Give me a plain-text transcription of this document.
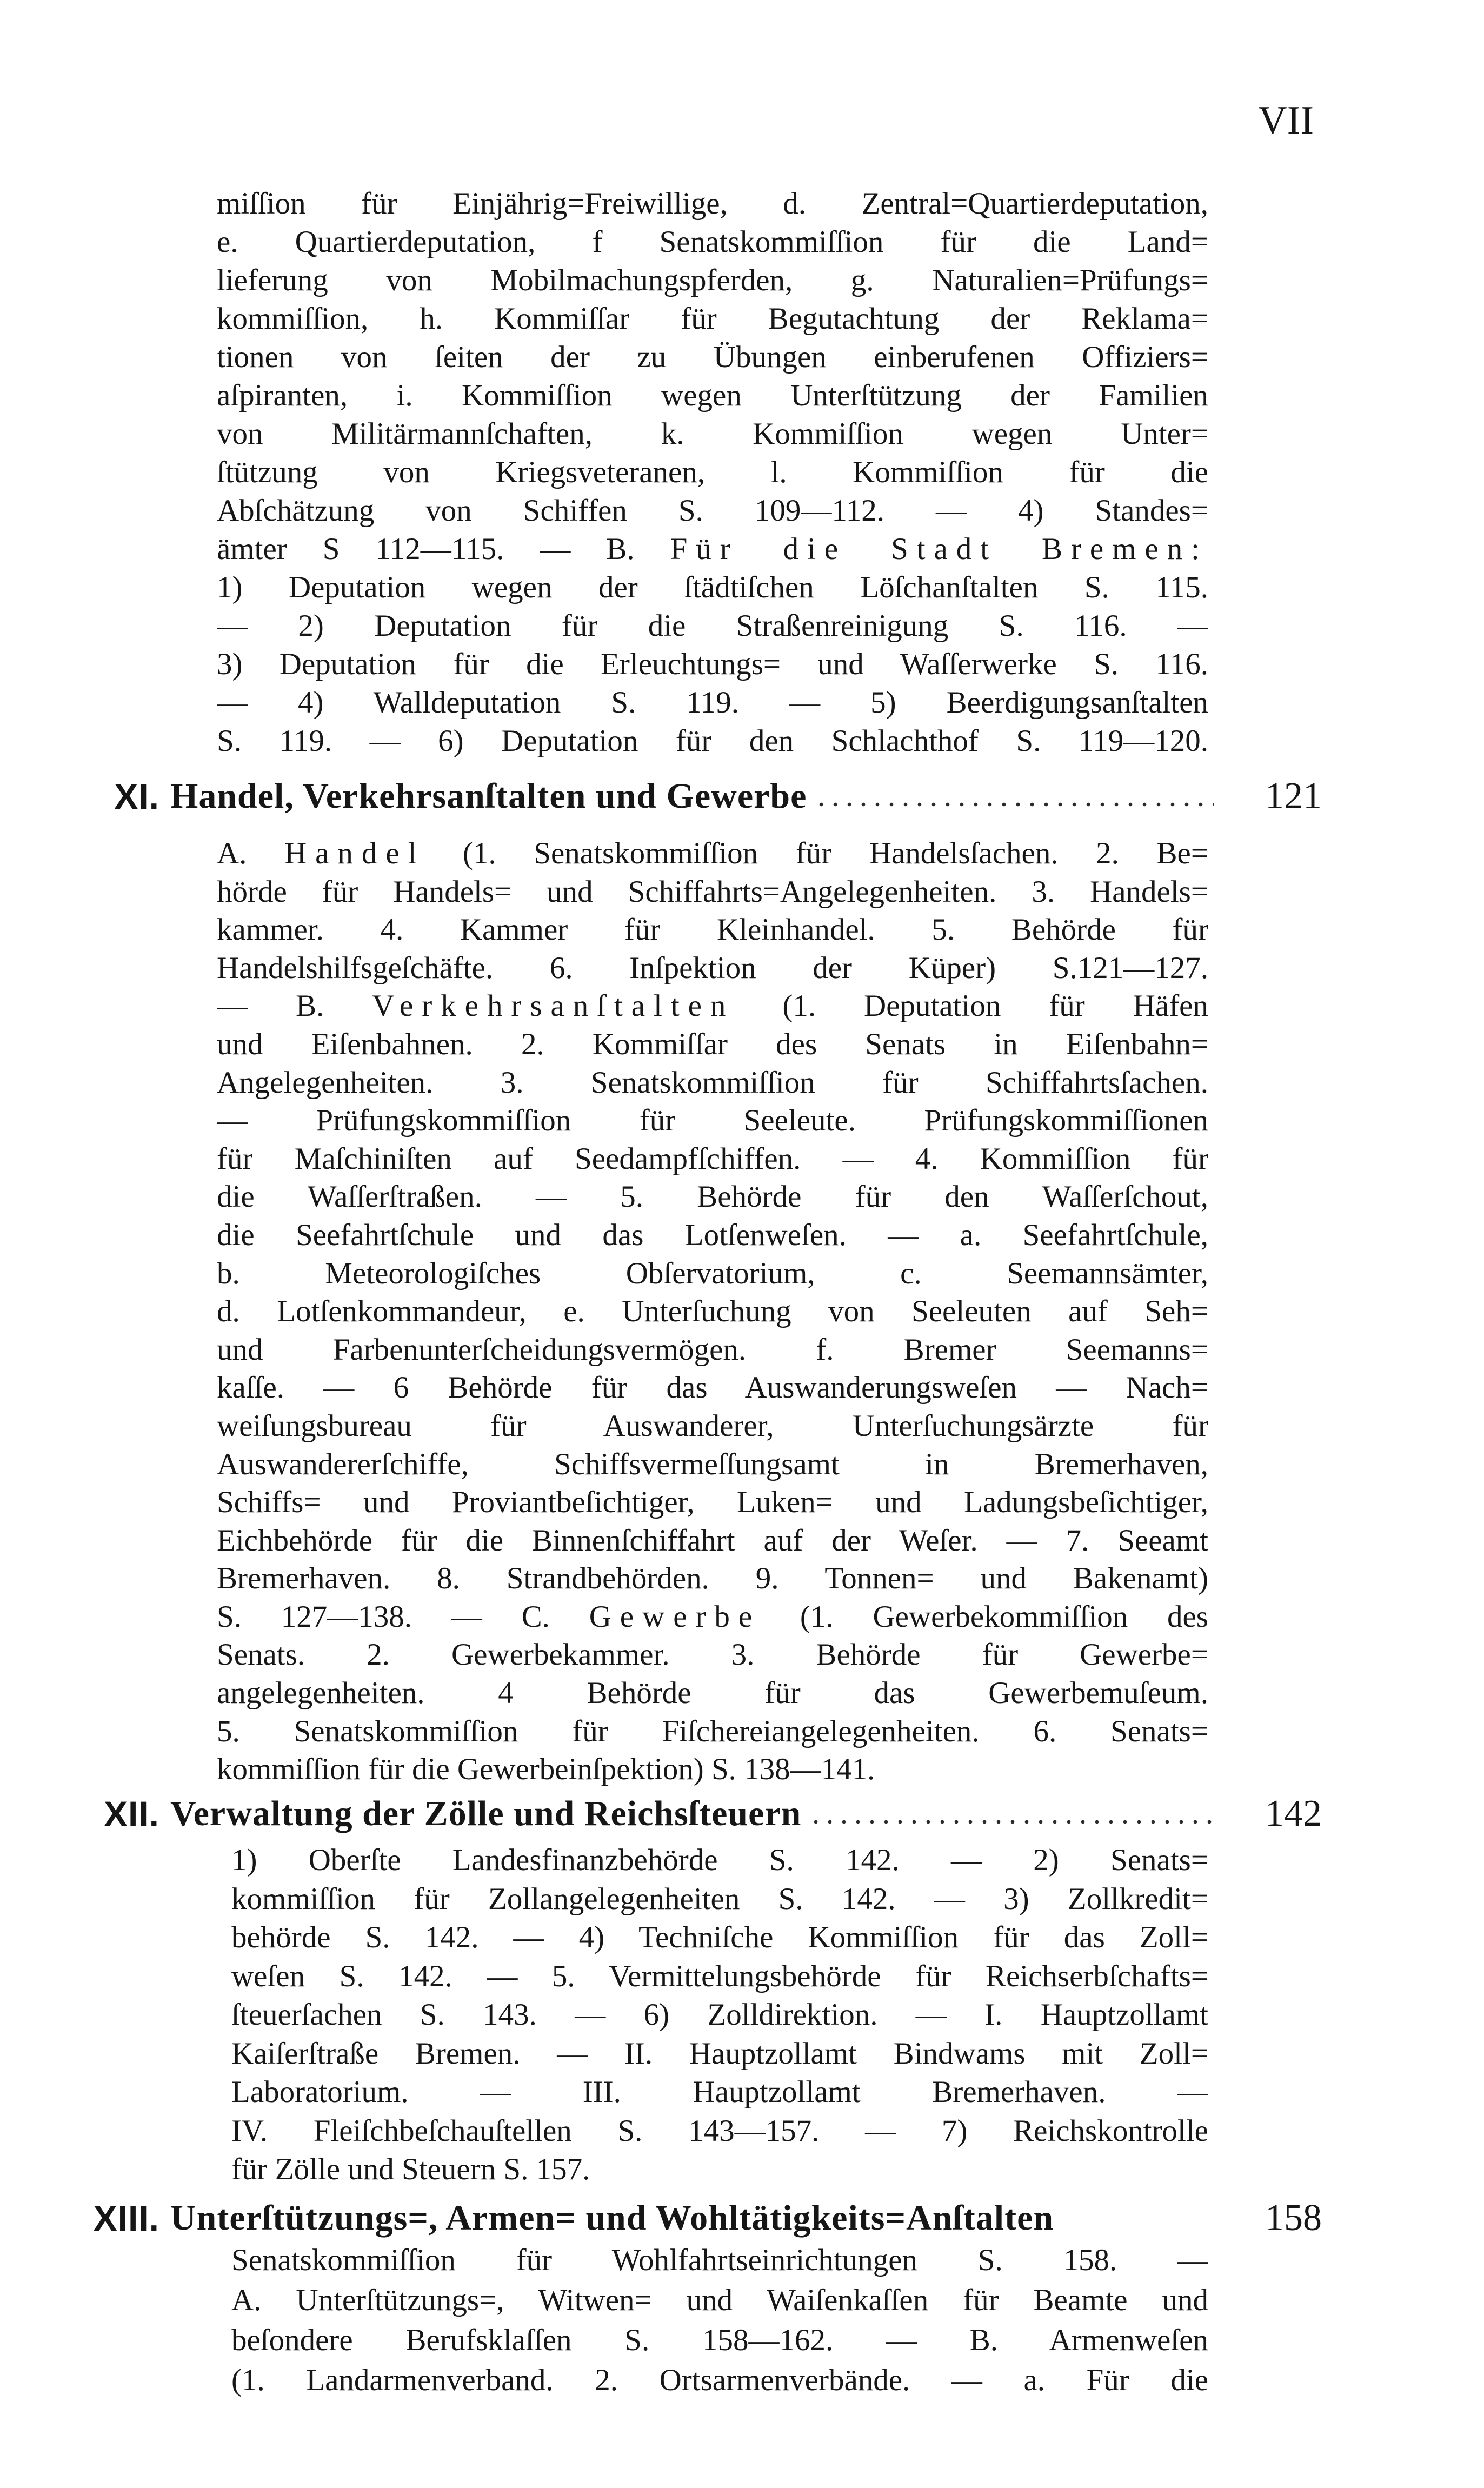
VII
miſſion für Einjährig=Freiwillige, d. Zentral=Quartierdeputation,
e. Quartierdeputation, f Senatskommiſſion für die Land=
lieferung von Mobilmachungspferden, g. Naturalien=Prüfungs=
kommiſſion, h. Kommiſſar für Begutachtung der Reklama=
tionen von ſeiten der zu Übungen einberufenen Offiziers=
aſpiranten, i. Kommiſſion wegen Unterſtützung der Familien
von Militärmannſchaften, k. Kommiſſion wegen Unter=
ſtützung von Kriegsveteranen, l. Kommiſſion für die
Abſchätzung von Schiffen S. 109—112. — 4) Standes=
ämter S 112—115. — B. Für die Stadt Bremen:
1) Deputation wegen der ſtädtiſchen Löſchanſtalten S. 115.
— 2) Deputation für die Straßenreinigung S. 116. —
3) Deputation für die Erleuchtungs= und Waſſerwerke S. 116.
— 4) Walldeputation S. 119. — 5) Beerdigungsanſtalten
S. 119. — 6) Deputation für den Schlachthof S. 119—120.
XI. Handel, Verkehrsanſtalten und Gewerbe	121
A. Handel (1. Senatskommiſſion für Handelsſachen. 2. Be=
hörde für Handels= und Schiffahrts=Angelegenheiten. 3. Handels=
kammer. 4. Kammer für Kleinhandel. 5. Behörde für
Handelshilfsgeſchäfte. 6. Inſpektion der Küper) S.121—127.
— B. Verkehrsanſtalten (1. Deputation für Häfen
und Eiſenbahnen. 2. Kommiſſar des Senats in Eiſenbahn=
Angelegenheiten. 3. Senatskommiſſion für Schiffahrtsſachen.
— Prüfungskommiſſion für Seeleute. Prüfungskommiſſionen
für Maſchiniſten auf Seedampfſchiffen. — 4. Kommiſſion für
die Waſſerſtraßen. — 5. Behörde für den Waſſerſchout,
die Seefahrtſchule und das Lotſenweſen. — a. Seefahrtſchule,
b. Meteorologiſches Obſervatorium, c. Seemannsämter,
d. Lotſenkommandeur, e. Unterſuchung von Seeleuten auf Seh=
und Farbenunterſcheidungsvermögen. f. Bremer Seemanns=
kaſſe. — 6 Behörde für das Auswanderungsweſen — Nach=
weiſungsbureau für Auswanderer, Unterſuchungsärzte für
Auswandererſchiffe, Schiffsvermeſſungsamt in Bremerhaven,
Schiffs= und Proviantbeſichtiger, Luken= und Ladungsbeſichtiger,
Eichbehörde für die Binnenſchiffahrt auf der Weſer. — 7. Seeamt
Bremerhaven. 8. Strandbehörden. 9. Tonnen= und Bakenamt)
S. 127—138. — C. Gewerbe (1. Gewerbekommiſſion des
Senats. 2. Gewerbekammer. 3. Behörde für Gewerbe=
angelegenheiten. 4 Behörde für das Gewerbemuſeum.
5. Senatskommiſſion für Fiſchereiangelegenheiten. 6. Senats=
kommiſſion für die Gewerbeinſpektion) S. 138—141.
XII. Verwaltung der Zölle und Reichsſteuern	142
1) Oberſte Landesfinanzbehörde S. 142. — 2) Senats=
kommiſſion für Zollangelegenheiten S. 142. — 3) Zollkredit=
behörde S. 142. — 4) Techniſche Kommiſſion für das Zoll=
weſen S. 142. — 5. Vermittelungsbehörde für Reichserbſchafts=
ſteuerſachen S. 143. — 6) Zolldirektion. — I. Hauptzollamt
Kaiſerſtraße Bremen. — II. Hauptzollamt Bindwams mit Zoll=
Laboratorium. — III. Hauptzollamt Bremerhaven. —
IV. Fleiſchbeſchauſtellen S. 143—157. — 7) Reichskontrolle
für Zölle und Steuern S. 157.
XIII. Unterſtützungs=, Armen= und Wohltätigkeits=Anſtalten	158
Senatskommiſſion für Wohlfahrtseinrichtungen S. 158. —
A. Unterſtützungs=, Witwen= und Waiſenkaſſen für Beamte und
beſondere Berufsklaſſen S. 158—162. — B. Armenweſen
(1. Landarmenverband. 2. Ortsarmenverbände. — a. Für die
